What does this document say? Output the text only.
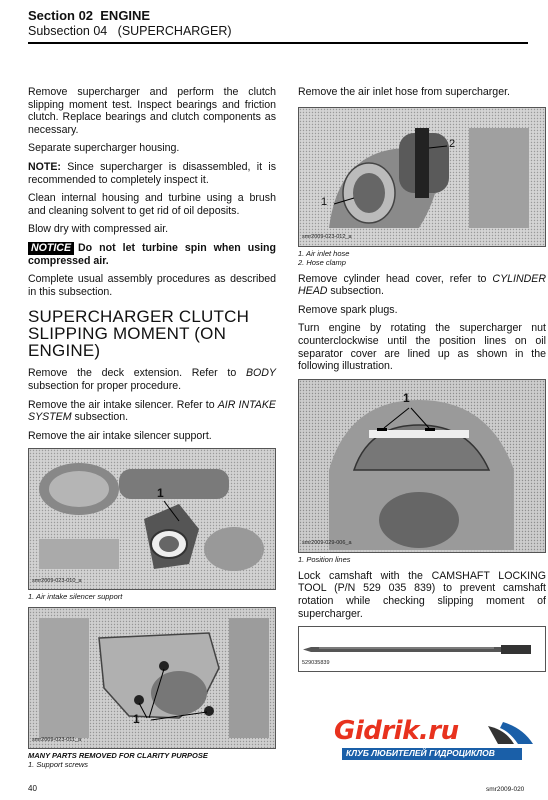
Section 02 ENGINE
Subsection 04 (SUPERCHARGER)

Remove supercharger and perform the clutch slipping moment test. Inspect bearings and friction clutch. Replace bearings and clutch components as necessary.

Separate supercharger housing.

NOTE: Since supercharger is disassembled, it is recommended to completely inspect it.

Clean internal housing and turbine using a brush and cleaning solvent to get rid of oil deposits.

Blow dry with compressed air.

NOTICE Do not let turbine spin when using compressed air.

Complete usual assembly procedures as described in this subsection.

SUPERCHARGER CLUTCH SLIPPING MOMENT (ON ENGINE)

Remove the deck extension. Refer to BODY subsection for proper procedure.

Remove the air intake silencer. Refer to AIR INTAKE SYSTEM subsection.

Remove the air intake silencer support.

1
smr2009-023-010_a
1. Air intake silencer support
1
smr2009-023-011_a
MANY PARTS REMOVED FOR CLARITY PURPOSE
1. Support screws

Remove the air inlet hose from supercharger.

1
2
smr2009-023-012_a
1. Air inlet hose
2. Hose clamp

Remove cylinder head cover, refer to CYLINDER HEAD subsection.

Remove spark plugs.

Turn engine by rotating the supercharger nut counterclockwise until the position lines on oil separator cover are lined up as shown in the following illustration.

1
smr2009-029-006_a
1. Position lines

Lock camshaft with the CAMSHAFT LOCKING TOOL (P/N 529 035 839) to prevent camshaft rotation while checking slipping moment of supercharger.

529035839
Gidrik.ru
КЛУБ ЛЮБИТЕЛЕЙ ГИДРОЦИКЛОВ
40	smr2009-020
